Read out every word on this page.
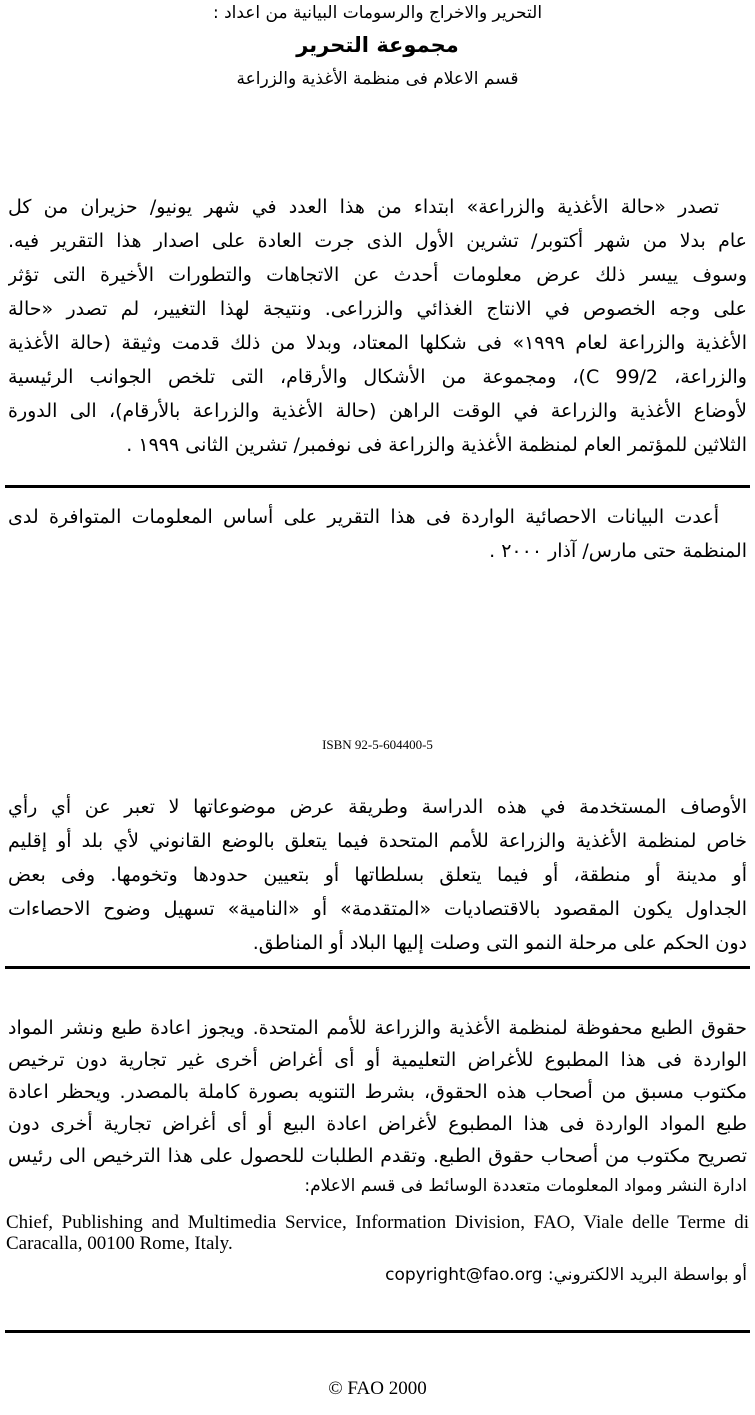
التحرير والاخراج والرسومات البيانية من اعداد :
مجموعة التحرير
قسم الاعلام فى منظمة الأغذية والزراعة
تصدر «حالة الأغذية والزراعة» ابتداء من هذا العدد في شهر يونيو/ حزيران من كل
عام بدلا من شهر أكتوبر/ تشرين الأول الذى جرت العادة على اصدار هذا التقرير فيه.
وسوف ييسر ذلك عرض معلومات أحدث عن الاتجاهات والتطورات الأخيرة التى تؤثر
على وجه الخصوص في الانتاج الغذائي والزراعى. ونتيجة لهذا التغيير، لم تصدر «حالة
الأغذية والزراعة لعام ١٩٩٩» فى شكلها المعتاد، وبدلا من ذلك قدمت وثيقة (حالة الأغذية
والزراعة، C 99/2)، ومجموعة من الأشكال والأرقام، التى تلخص الجوانب الرئيسية
لأوضاع الأغذية والزراعة في الوقت الراهن (حالة الأغذية والزراعة بالأرقام)، الى الدورة
الثلاثين للمؤتمر العام لمنظمة الأغذية والزراعة فى نوفمبر/ تشرين الثانى ١٩٩٩ .
أعدت البيانات الاحصائية الواردة فى هذا التقرير على أساس المعلومات المتوافرة لدى
المنظمة حتى مارس/ آذار ٢٠٠٠ .
ISBN 92-5-604400-5
الأوصاف المستخدمة في هذه الدراسة وطريقة عرض موضوعاتها لا تعبر عن أي رأي
خاص لمنظمة الأغذية والزراعة للأمم المتحدة فيما يتعلق بالوضع القانوني لأي بلد أو إقليم
أو مدينة أو منطقة، أو فيما يتعلق بسلطاتها أو بتعيين حدودها وتخومها. وفى بعض
الجداول يكون المقصود بالاقتصاديات «المتقدمة» أو «النامية» تسهيل وضوح الاحصاءات
دون الحكم على مرحلة النمو التى وصلت إليها البلاد أو المناطق.
حقوق الطبع محفوظة لمنظمة الأغذية والزراعة للأمم المتحدة. ويجوز اعادة طبع ونشر المواد
الواردة فى هذا المطبوع للأغراض التعليمية أو أى أغراض أخرى غير تجارية دون ترخيص
مكتوب مسبق من أصحاب هذه الحقوق، بشرط التنويه بصورة كاملة بالمصدر. ويحظر اعادة
طبع المواد الواردة فى هذا المطبوع لأغراض اعادة البيع أو أى أغراض تجارية أخرى دون
تصريح مكتوب من أصحاب حقوق الطبع. وتقدم الطلبات للحصول على هذا الترخيص الى رئيس
ادارة النشر ومواد المعلومات متعددة الوسائط فى قسم الاعلام:
Chief, Publishing and Multimedia Service, Information Division, FAO, Viale delle Terme di Caracalla, 00100 Rome, Italy.
أو بواسطة البريد الالكتروني: copyright@fao.org
© FAO 2000
